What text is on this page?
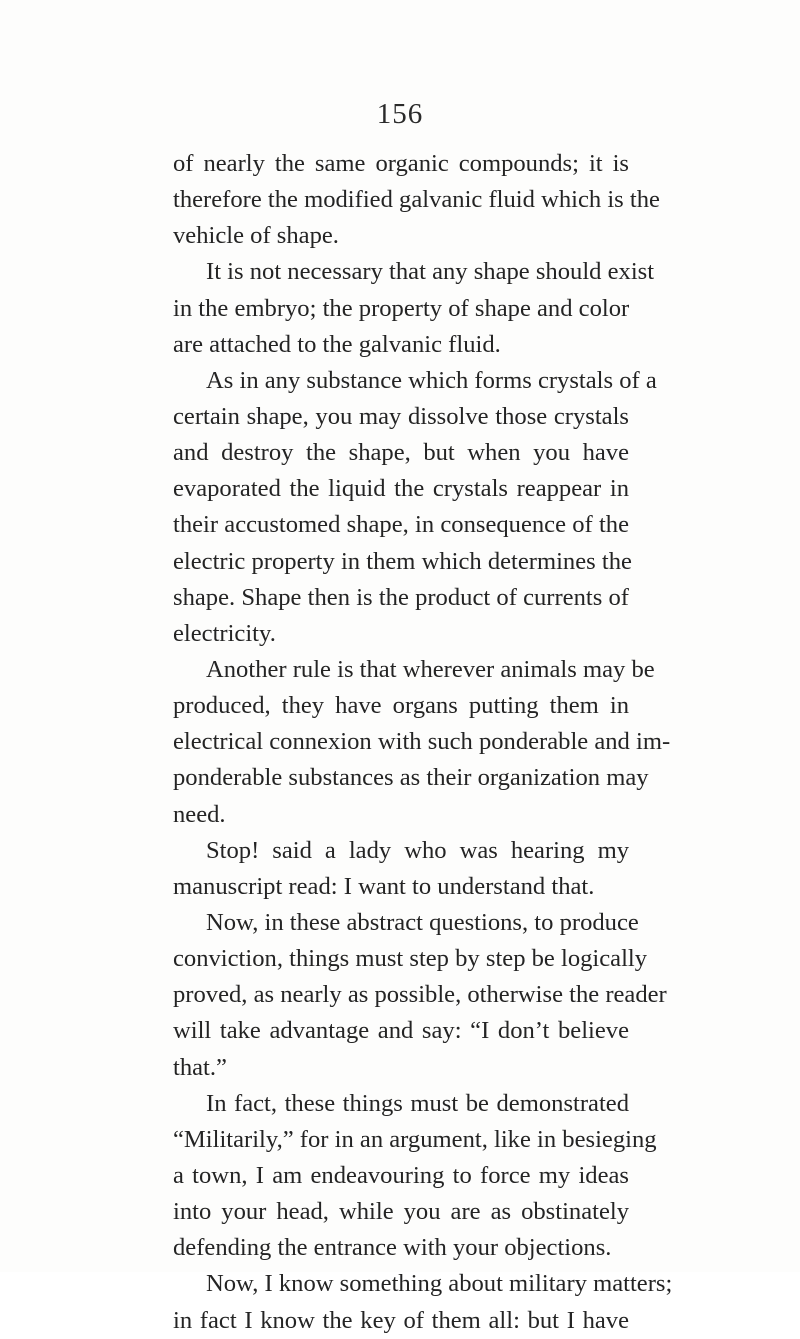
156
of nearly the same organic compounds; it is
therefore the modified galvanic fluid which is the
vehicle of shape.
It is not necessary that any shape should exist
in the embryo; the property of shape and color
are attached to the galvanic fluid.
As in any substance which forms crystals of a
certain shape, you may dissolve those crystals
and destroy the shape, but when you have
evaporated the liquid the crystals reappear in
their accustomed shape, in consequence of the
electric property in them which determines the
shape. Shape then is the product of currents of
electricity.
Another rule is that wherever animals may be
produced, they have organs putting them in
electrical connexion with such ponderable and im-
ponderable substances as their organization may
need.
Stop! said a lady who was hearing my
manuscript read: I want to understand that.
Now, in these abstract questions, to produce
conviction, things must step by step be logically
proved, as nearly as possible, otherwise the reader
will take advantage and say: “I don’t believe
that.”
In fact, these things must be demonstrated
“Militarily,” for in an argument, like in besieging
a town, I am endeavouring to force my ideas
into your head, while you are as obstinately
defending the entrance with your objections.
Now, I know something about military matters;
in fact I know the key of them all: but I have
